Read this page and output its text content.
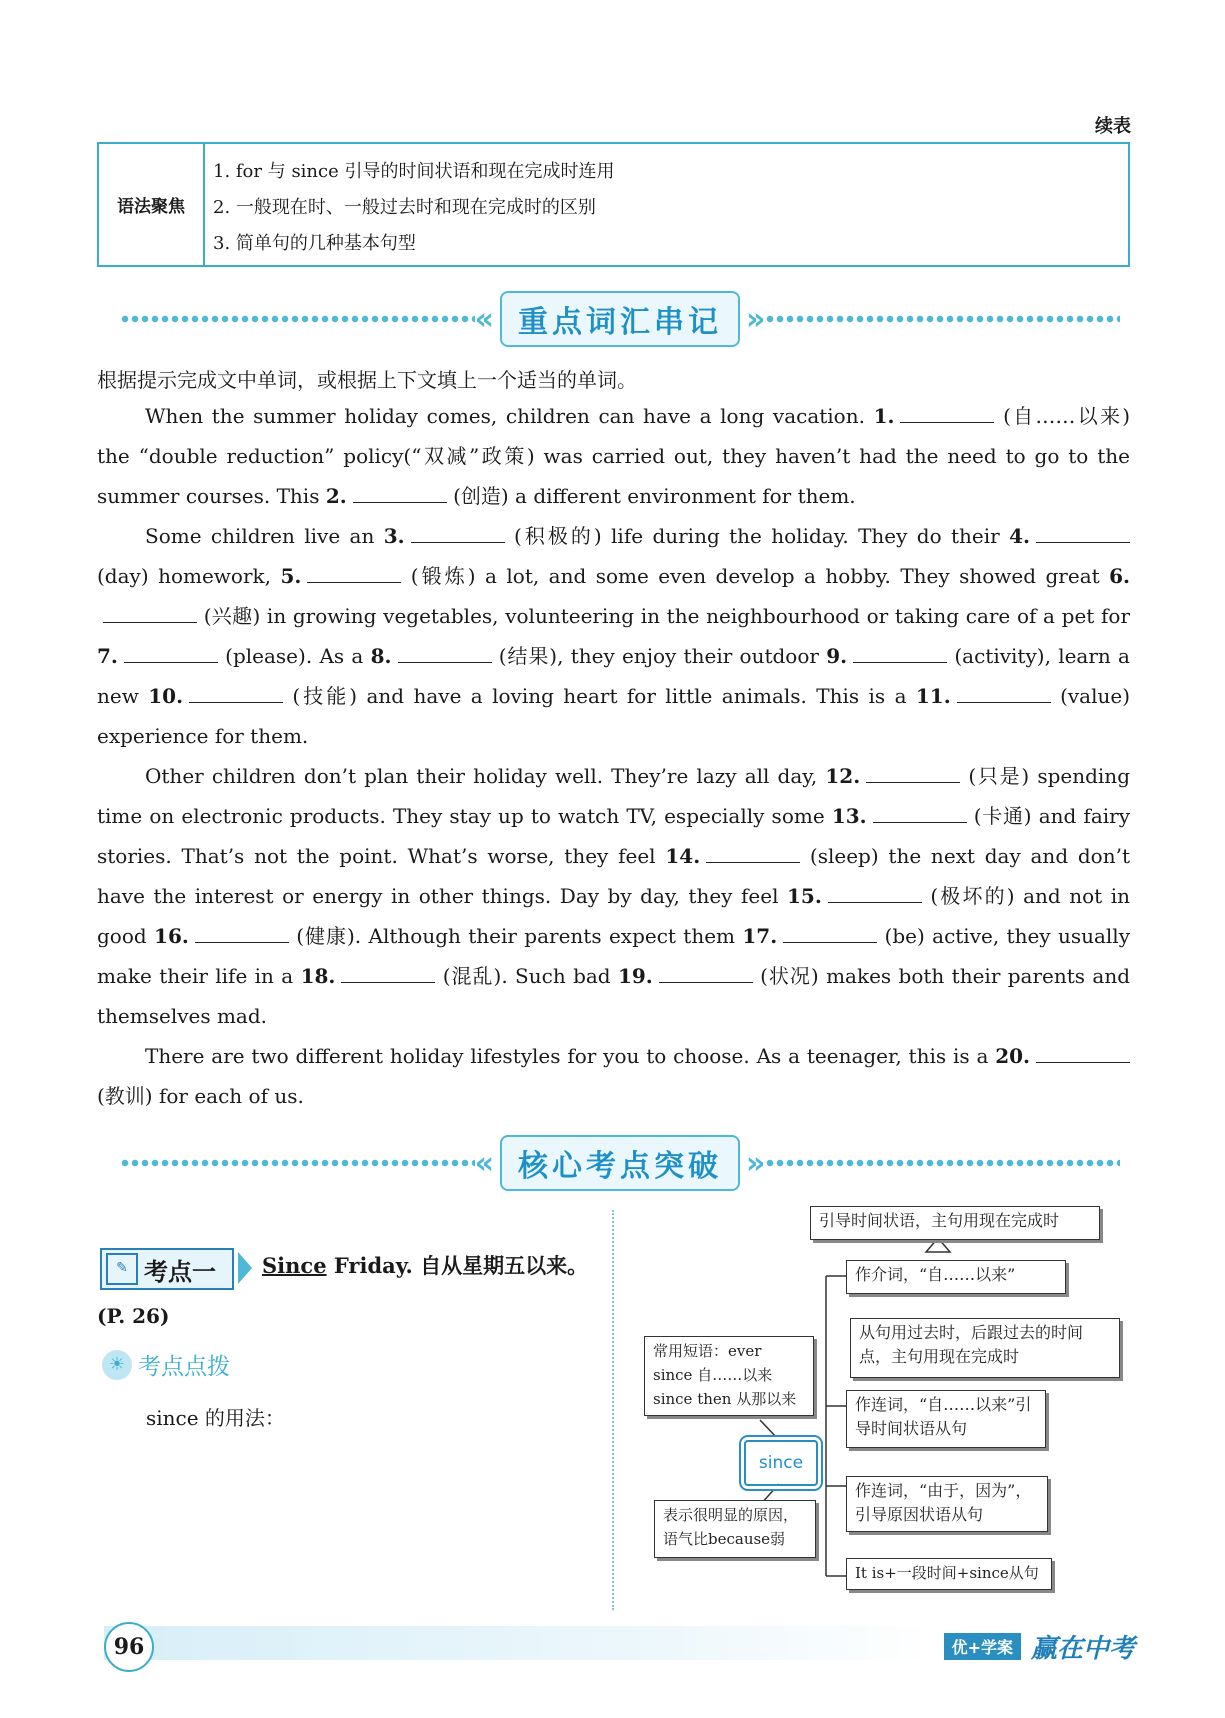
续表
语法聚焦
1. for 与 since 引导的时间状语和现在完成时连用
2. 一般现在时、一般过去时和现在完成时的区别
3. 简单句的几种基本句型
« 重点词汇串记 »
根据提示完成文中单词，或根据上下文填上一个适当的单词。

When the summer holiday comes, children can have a long vacation. 1.	(自……以来) the “double reduction” policy(“双减”政策) was carried out, they haven’t had the need to go to the summer courses. This 2.	(创造) a different environment for them.

Some children live an 3.	(积极的) life during the holiday. They do their 4. (day) homework, 5.	(锻炼) a lot, and some even develop a hobby. They showed great 6. (兴趣) in growing vegetables, volunteering in the neighbourhood or taking care of a pet for 7.	(please). As a 8.	(结果), they enjoy their outdoor 9.	(activity), learn a new 10.	(技能) and have a loving heart for little animals. This is a 11.	(value) experience for them.

Other children don’t plan their holiday well. They’re lazy all day, 12.	(只是) spending time on electronic products. They stay up to watch TV, especially some 13.	(卡通) and fairy stories. That’s not the point. What’s worse, they feel 14.	(sleep) the next day and don’t have the interest or energy in other things. Day by day, they feel 15.	(极坏的) and not in good 16.	(健康). Although their parents expect them 17.	(be) active, they usually make their life in a 18.	(混乱). Such bad 19.	(状况) makes both their parents and themselves mad.

There are two different holiday lifestyles for you to choose. As a teenager, this is a 20. (教训) for each of us.

« 核心考点突破 »
✎ 考点一 Since Friday. 自从星期五以来。
(P. 26)
☀ 考点点拨
since 的用法：
引导时间状语，主句用现在完成时
作介词，“自……以来”
从句用过去时，后跟过去的时间点，主句用现在完成时
作连词，“自……以来”引导时间状语从句
作连词，“由于，因为”，引导原因状语从句
It is+一段时间+since从句
常用短语：ever since 自……以来 since then 从那以来
表示很明显的原因，语气比because弱
since
96	优+学案 赢在中考
